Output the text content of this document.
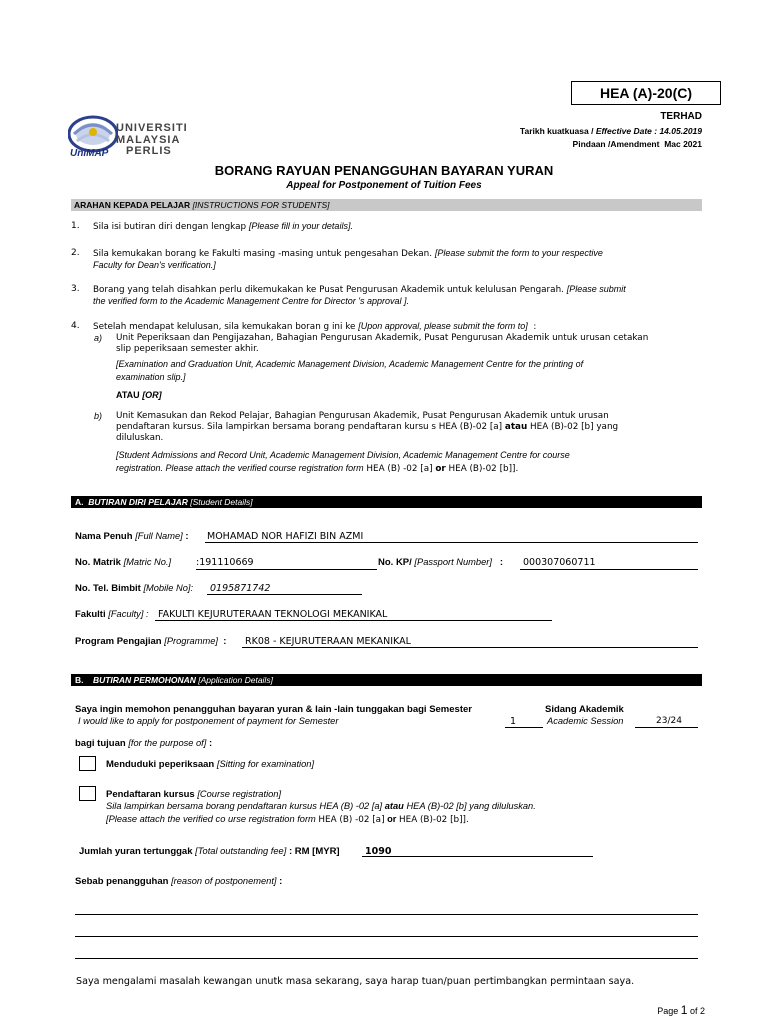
HEA (A)-20(C)
TERHAD
Tarikh kuatkuasa / Effective Date : 14.05.2019
Pindaan /Amendment Mac 2021
UNIVERSITI
MALAYSIA
PERLIS
UniMAP
BORANG RAYUAN PENANGGUHAN BAYARAN YURAN
Appeal for Postponement of Tuition Fees
ARAHAN KEPADA PELAJAR [INSTRUCTIONS FOR STUDENTS]
1.	Sila isi butiran diri dengan lengkap [Please fill in your details].
2.	Sila kemukakan borang ke Fakulti masing -masing untuk pengesahan Dekan. [Please submit the form to your respective
Faculty for Dean's verification.]
3.	Borang yang telah disahkan perlu dikemukakan ke Pusat Pengurusan Akademik untuk kelulusan Pengarah. [Please submit
the verified form to the Academic Management Centre for Director 's approval ].
4.	Setelah mendapat kelulusan, sila kemukakan boran g ini ke [Upon approval, please submit the form to] :
a) Unit Peperiksaan dan Pengijazahan, Bahagian Pengurusan Akademik, Pusat Pengurusan Akademik untuk urusan cetakan
slip peperiksaan semester akhir.
[Examination and Graduation Unit, Academic Management Division, Academic Management Centre for the printing of
examination slip.]
ATAU [OR]
b) Unit Kemasukan dan Rekod Pelajar, Bahagian Pengurusan Akademik, Pusat Pengurusan Akademik untuk urusan
pendaftaran kursus. Sila lampirkan bersama borang pendaftaran kursu s HEA (B)-02 [a] atau HEA (B)-02 [b] yang
diluluskan.
[Student Admissions and Record Unit, Academic Management Division, Academic Management Centre for course
registration. Please attach the verified course registration form HEA (B) -02 [a] or HEA (B)-02 [b]].
A. BUTIRAN DIRI PELAJAR [Student Details]
Nama Penuh [Full Name] : MOHAMAD NOR HAFIZI BIN AZMI
No. Matrik [Matric No.]	:191110669	No. KP/ [Passport Number] : 000307060711
No. Tel. Bimbit [Mobile No]: 0195871742
Fakulti [Faculty] : FAKULTI KEJURUTERAAN TEKNOLOGI MEKANIKAL
Program Pengajian [Programme] : RK08 - KEJURUTERAAN MEKANIKAL
B. BUTIRAN PERMOHONAN [Application Details]
Saya ingin memohon penangguhan bayaran yuran & lain -lain tunggakan bagi Semester	Sidang Akademik
I would like to apply for postponement of payment for Semester	1	Academic Session	23/24
bagi tujuan [for the purpose of] :
Menduduki peperiksaan [Sitting for examination]
Pendaftaran kursus [Course registration]
Sila lampirkan bersama borang pendaftaran kursus HEA (B) -02 [a] atau HEA (B)-02 [b] yang diluluskan.
[Please attach the verified co urse registration form HEA (B) -02 [a] or HEA (B)-02 [b]].
Jumlah yuran tertunggak [Total outstanding fee] : RM [MYR]	1090
Sebab penangguhan [reason of postponement] :
Saya mengalami masalah kewangan unutk masa sekarang, saya harap tuan/puan pertimbangkan permintaan saya.
Page 1 of 2
